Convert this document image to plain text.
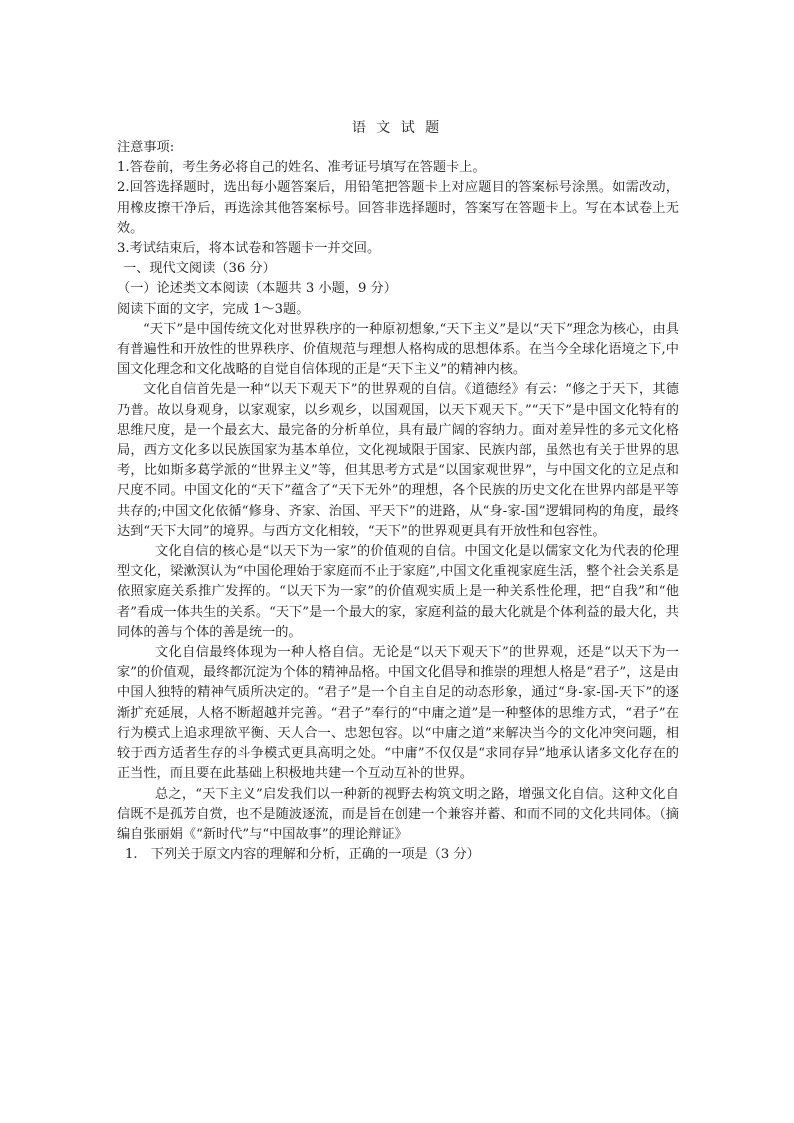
语 文 试 题
注意事项:
1.答卷前，考生务必将自己的姓名、准考证号填写在答题卡上。
2.回答选择题时，选出每小题答案后，用铅笔把答题卡上对应题目的答案标号涂黑。如需改动，用橡皮擦干净后，再选涂其他答案标号。回答非选择题时，答案写在答题卡上。写在本试卷上无效。
3.考试结束后，将本试卷和答题卡一并交回。
一、现代文阅读（36 分）
（一）论述类文本阅读（本题共 3 小题，9 分）
阅读下面的文字，完成 1～3题。
“天下”是中国传统文化对世界秩序的一种原初想象,“天下主义”是以“天下”理念为核心，由具有普遍性和开放性的世界秩序、价值规范与理想人格构成的思想体系。在当今全球化语境之下,中国文化理念和文化战略的自觉自信体现的正是“天下主义”的精神内核。
文化自信首先是一种“以天下观天下”的世界观的自信。《道德经》有云：“修之于天下，其德乃普。故以身观身，以家观家，以乡观乡，以国观国，以天下观天下。”“天下”是中国文化特有的思维尺度，是一个最玄大、最完备的分析单位，具有最广阔的容纳力。面对差异性的多元文化格局，西方文化多以民族国家为基本单位，文化视域限于国家、民族内部，虽然也有关于世界的思考，比如斯多葛学派的“世界主义”等，但其思考方式是“以国家观世界”，与中国文化的立足点和尺度不同。中国文化的“天下”蕴含了“天下无外”的理想，各个民族的历史文化在世界内部是平等共存的;中国文化依循“修身、齐家、治国、平天下”的进路，从“身-家-国”逻辑同构的角度，最终达到“天下大同”的境界。与西方文化相较，“天下”的世界观更具有开放性和包容性。
文化自信的核心是“以天下为一家”的价值观的自信。中国文化是以儒家文化为代表的伦理型文化，梁漱溟认为“中国伦理始于家庭而不止于家庭”,中国文化重视家庭生活，整个社会关系是依照家庭关系推广发挥的。“以天下为一家”的价值观实质上是一种关系性伦理，把“自我”和“他者”看成一体共生的关系。“天下”是一个最大的家，家庭利益的最大化就是个体利益的最大化，共同体的善与个体的善是统一的。
文化自信最终体现为一种人格自信。无论是“以天下观天下”的世界观，还是“以天下为一家”的价值观，最终都沉淀为个体的精神品格。中国文化倡导和推崇的理想人格是“君子”，这是由中国人独特的精神气质所决定的。“君子”是一个自主自足的动态形象，通过“身-家-国-天下”的逐渐扩充延展，人格不断超越并完善。“君子”奉行的“中庸之道”是一种整体的思维方式，“君子”在行为模式上追求理欲平衡、天人合一、忠恕包容。以“中庸之道”来解决当今的文化冲突问题，相较于西方适者生存的斗争模式更具高明之处。“中庸”不仅仅是“求同存异”地承认诸多文化存在的正当性，而且要在此基础上积极地共建一个互动互补的世界。
总之，“天下主义”启发我们以一种新的视野去构筑文明之路，增强文化自信。这种文化自信既不是孤芳自赏，也不是随波逐流，而是旨在创建一个兼容并蓄、和而不同的文化共同体。（摘编自张丽娟《“新时代”与“中国故事”的理论辩证》
1.　下列关于原文内容的理解和分析，正确的一项是（3 分）
